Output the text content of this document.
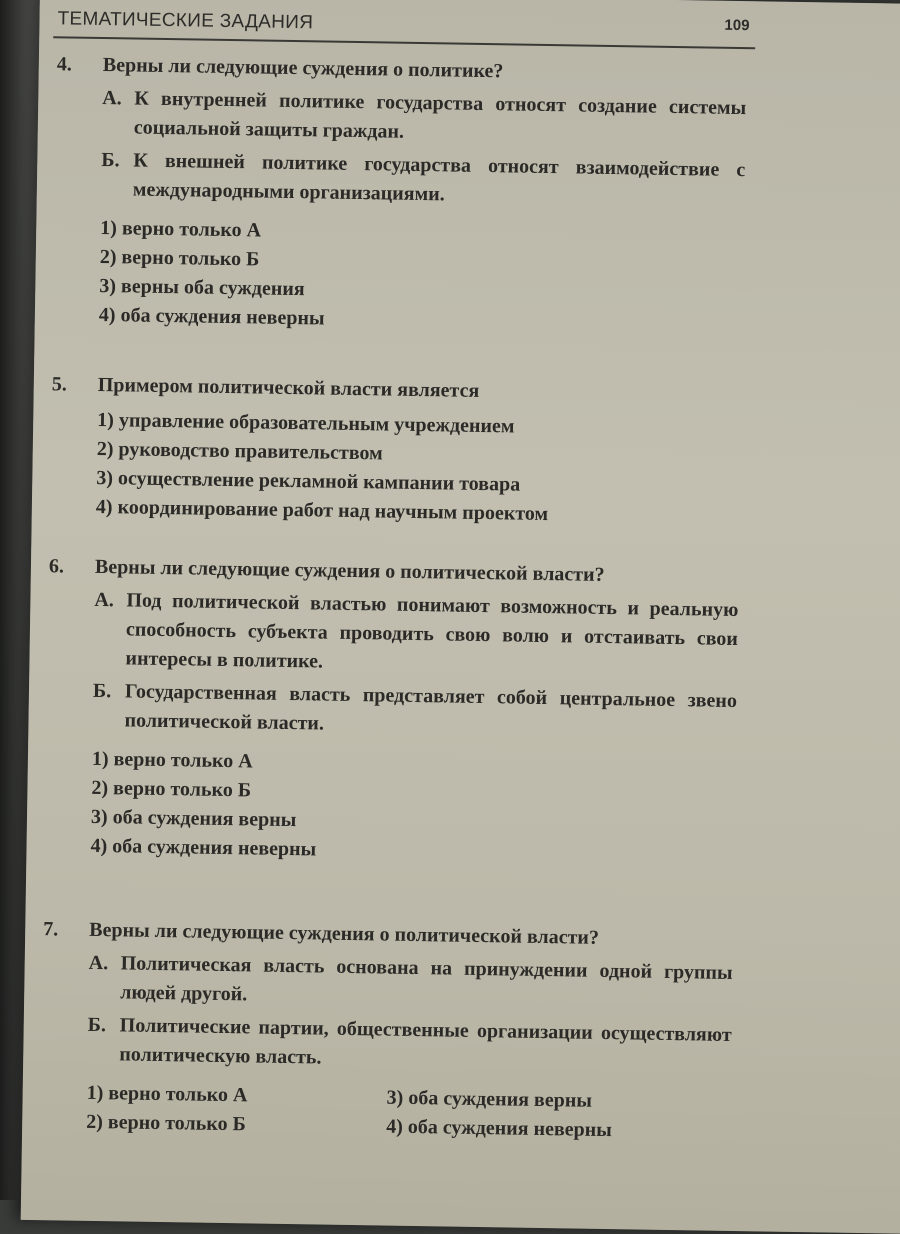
ТЕМАТИЧЕСКИЕ ЗАДАНИЯ	109
4.	Верны ли следующие суждения о политике?
А. К внутренней политике государства относят создание системы социальной защиты граждан.
Б. К внешней политике государства относят взаимодействие с международными организациями.
1) верно только А
2) верно только Б
3) верны оба суждения
4) оба суждения неверны
5.	Примером политической власти является
1) управление образовательным учреждением
2) руководство правительством
3) осуществление рекламной кампании товара
4) координирование работ над научным проектом
6.	Верны ли следующие суждения о политической власти?
А. Под политической властью понимают возможность и реальную способность субъекта проводить свою волю и отстаивать свои интересы в политике.
Б. Государственная власть представляет собой центральное звено политической власти.
1) верно только А
2) верно только Б
3) оба суждения верны
4) оба суждения неверны
7.	Верны ли следующие суждения о политической власти?
А. Политическая власть основана на принуждении одной группы людей другой.
Б. Политические партии, общественные организации осуществляют политическую власть.
1) верно только А	3) оба суждения верны
2) верно только Б	4) оба суждения неверны
